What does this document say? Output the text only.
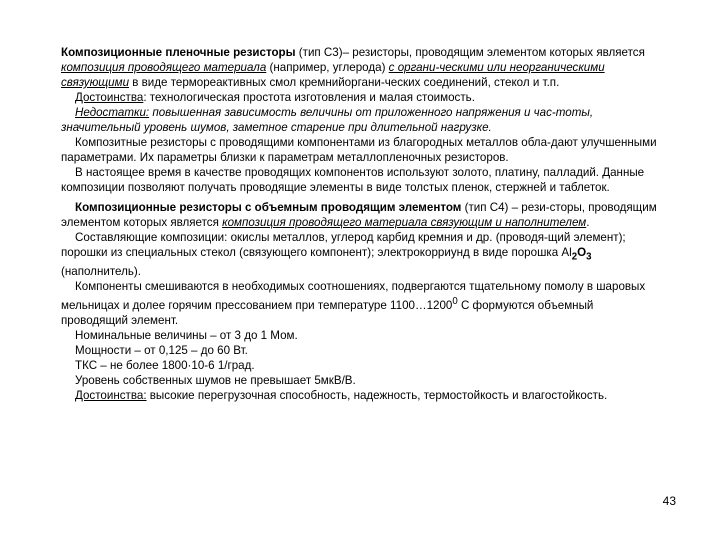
Композиционные пленочные резисторы (тип С3)– резисторы, проводящим элементом которых является композиция проводящего материала (например, углерода) с органи-ческими или неорганическими связующими в виде термореактивных смол кремнийоргани-ческих соединений, стекол и т.п.

Достоинства: технологическая простота изготовления и малая стоимость.

Недостатки: повышенная зависимость величины от приложенного напряжения и час-тоты, значительный уровень шумов, заметное старение при длительной нагрузке.

Композитные резисторы с проводящими компонентами из благородных металлов обла-дают улучшенными параметрами. Их параметры близки к параметрам металлопленочных резисторов.

В настоящее время в качестве проводящих компонентов используют золото, платину, палладий. Данные композиции позволяют получать проводящие элементы в виде толстых пленок, стержней и таблеток.

Композиционные резисторы с объемным проводящим элементом (тип С4) – рези-сторы, проводящим элементом которых является композиция проводящего материала связующим и наполнителем.

Составляющие композиции: окислы металлов, углерод карбид кремния и др. (проводя-щий элемент); порошки из специальных стекол (связующего компонент); электрокорриунд в виде порошка $Al_2O_3$ (наполнитель).

Компоненты смешиваются в необходимых соотношениях, подвергаются тщательному помолу в шаровых мельницах и долее горячим прессованием при температуре 1100…1200$^0$ С формуются объемный проводящий элемент.

Номинальные величины – от 3 до 1 Мом.

Мощности – от 0,125 – до 60 Вт.

ТКС – не более 1800·10-6 1/град.

Уровень собственных шумов не превышает 5мкВ/В.

Достоинства: высокие перегрузочная способность, надежность, термостойкость и влагостойкость.

43
